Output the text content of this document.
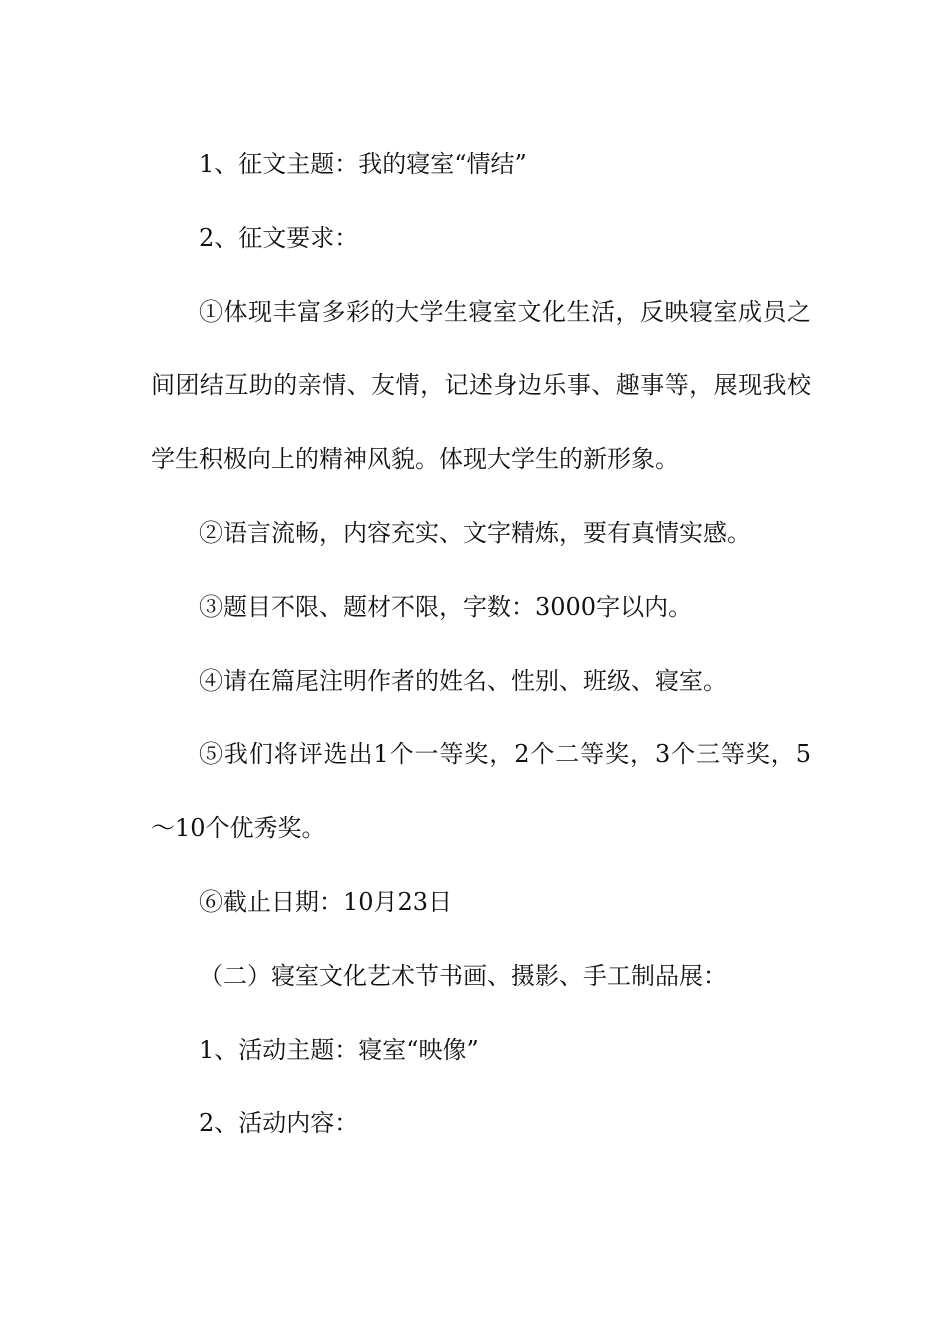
1、征文主题：我的寝室“情结”

2、征文要求：

①体现丰富多彩的大学生寝室文化生活，反映寝室成员之间团结互助的亲情、友情，记述身边乐事、趣事等，展现我校学生积极向上的精神风貌。体现大学生的新形象。

②语言流畅，内容充实、文字精炼，要有真情实感。

③题目不限、题材不限，字数：3000字以内。

④请在篇尾注明作者的姓名、性别、班级、寝室。

⑤我们将评选出1个一等奖，2个二等奖，3个三等奖，5～10个优秀奖。

⑥截止日期：10月23日

（二）寝室文化艺术节书画、摄影、手工制品展：

1、活动主题：寝室“映像”

2、活动内容：
